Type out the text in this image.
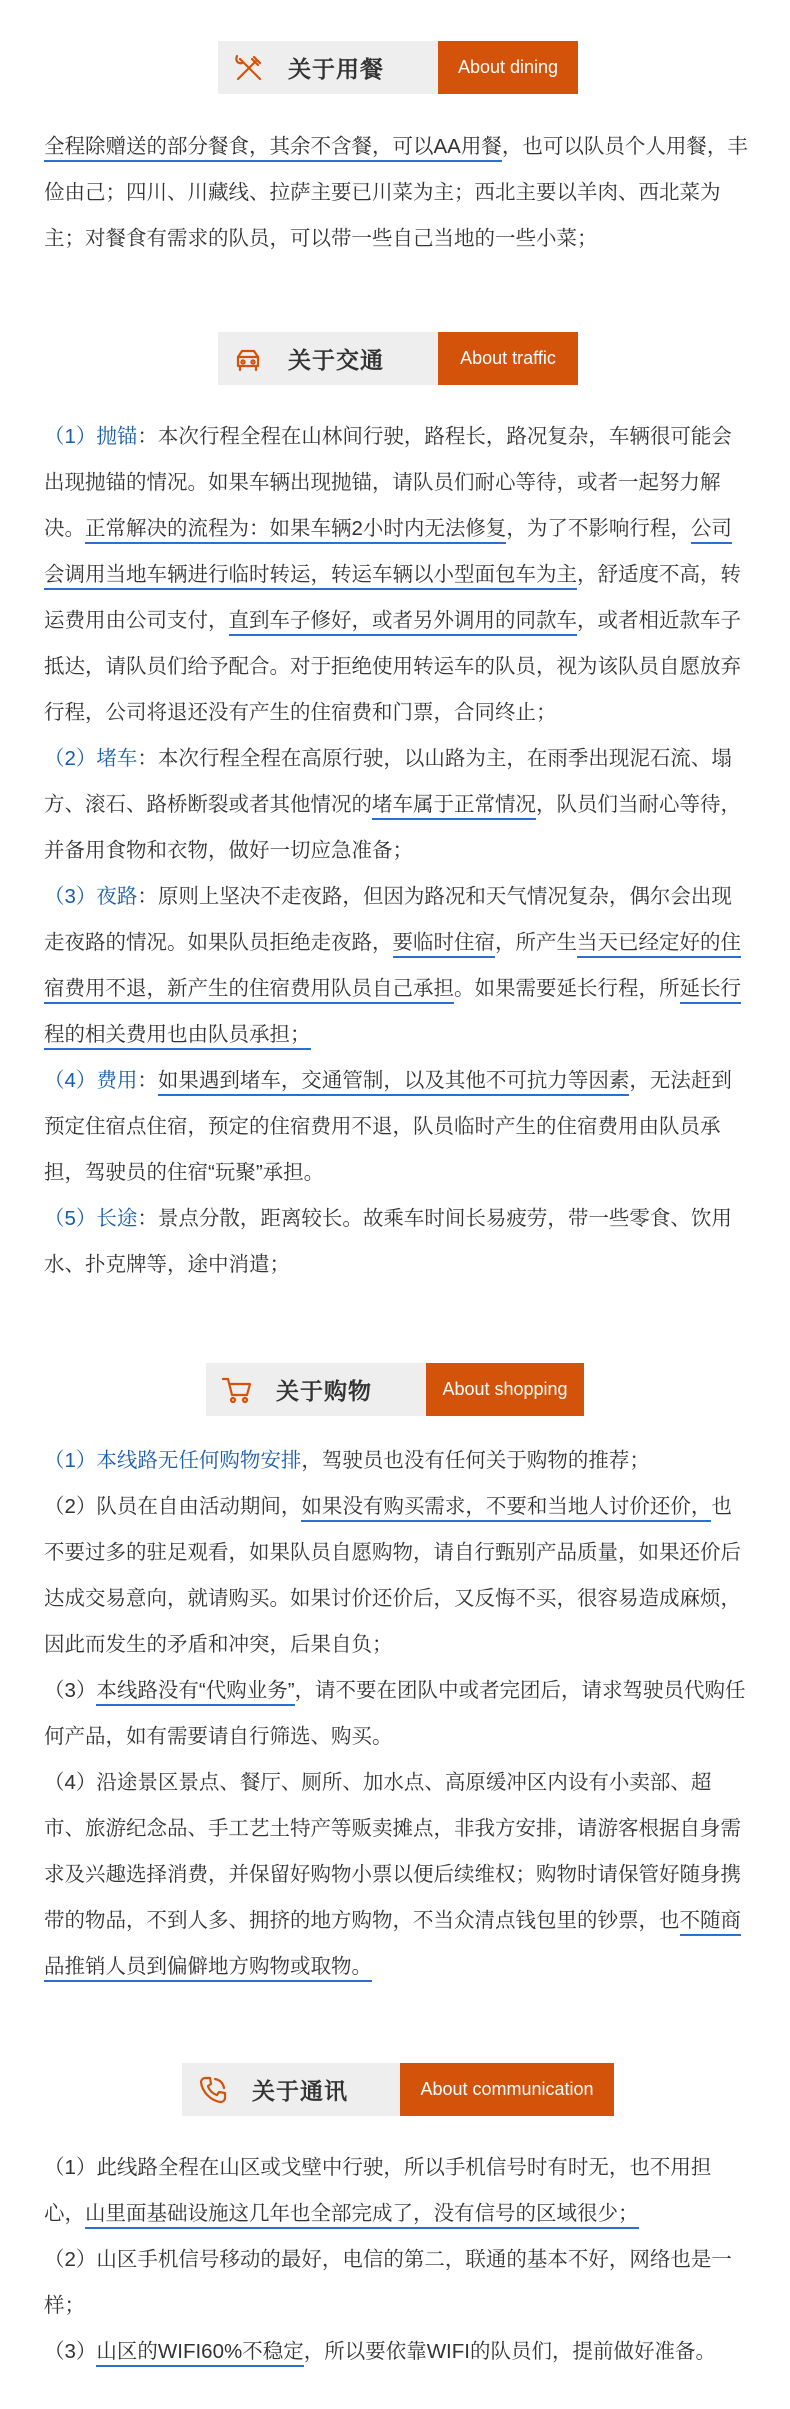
关于用餐	About dining

全程除赠送的部分餐食，其余不含餐，可以AA用餐，也可以队员个人用餐，丰俭由己；四川、川藏线、拉萨主要已川菜为主；西北主要以羊肉、西北菜为主；对餐食有需求的队员，可以带一些自己当地的一些小菜；

关于交通	About traffic

（1）抛锚：本次行程全程在山林间行驶，路程长，路况复杂，车辆很可能会出现抛锚的情况。如果车辆出现抛锚，请队员们耐心等待，或者一起努力解决。正常解决的流程为：如果车辆2小时内无法修复，为了不影响行程，公司会调用当地车辆进行临时转运，转运车辆以小型面包车为主，舒适度不高，转运费用由公司支付，直到车子修好，或者另外调用的同款车，或者相近款车子抵达，请队员们给予配合。对于拒绝使用转运车的队员，视为该队员自愿放弃行程，公司将退还没有产生的住宿费和门票，合同终止；

（2）堵车：本次行程全程在高原行驶，以山路为主，在雨季出现泥石流、塌方、滚石、路桥断裂或者其他情况的堵车属于正常情况，队员们当耐心等待，并备用食物和衣物，做好一切应急准备；

（3）夜路：原则上坚决不走夜路，但因为路况和天气情况复杂，偶尔会出现走夜路的情况。如果队员拒绝走夜路，要临时住宿，所产生当天已经定好的住宿费用不退，新产生的住宿费用队员自己承担。如果需要延长行程，所延长行程的相关费用也由队员承担；

（4）费用：如果遇到堵车，交通管制，以及其他不可抗力等因素，无法赶到预定住宿点住宿，预定的住宿费用不退，队员临时产生的住宿费用由队员承担，驾驶员的住宿“玩聚”承担。

（5）长途：景点分散，距离较长。故乘车时间长易疲劳，带一些零食、饮用水、扑克牌等，途中消遣；

关于购物	About shopping

（1）本线路无任何购物安排，驾驶员也没有任何关于购物的推荐；

（2）队员在自由活动期间，如果没有购买需求，不要和当地人讨价还价，也不要过多的驻足观看，如果队员自愿购物，请自行甄别产品质量，如果还价后达成交易意向，就请购买。如果讨价还价后，又反悔不买，很容易造成麻烦，因此而发生的矛盾和冲突，后果自负；

（3）本线路没有“代购业务”，请不要在团队中或者完团后，请求驾驶员代购任何产品，如有需要请自行筛选、购买。

（4）沿途景区景点、餐厅、厕所、加水点、高原缓冲区内设有小卖部、超市、旅游纪念品、手工艺土特产等贩卖摊点，非我方安排，请游客根据自身需求及兴趣选择消费，并保留好购物小票以便后续维权；购物时请保管好随身携带的物品，不到人多、拥挤的地方购物，不当众清点钱包里的钞票，也不随商品推销人员到偏僻地方购物或取物。

关于通讯	About communication

（1）此线路全程在山区或戈壁中行驶，所以手机信号时有时无，也不用担心，山里面基础设施这几年也全部完成了，没有信号的区域很少；

（2）山区手机信号移动的最好，电信的第二，联通的基本不好，网络也是一样；

（3）山区的WIFI60%不稳定，所以要依靠WIFI的队员们，提前做好准备。
